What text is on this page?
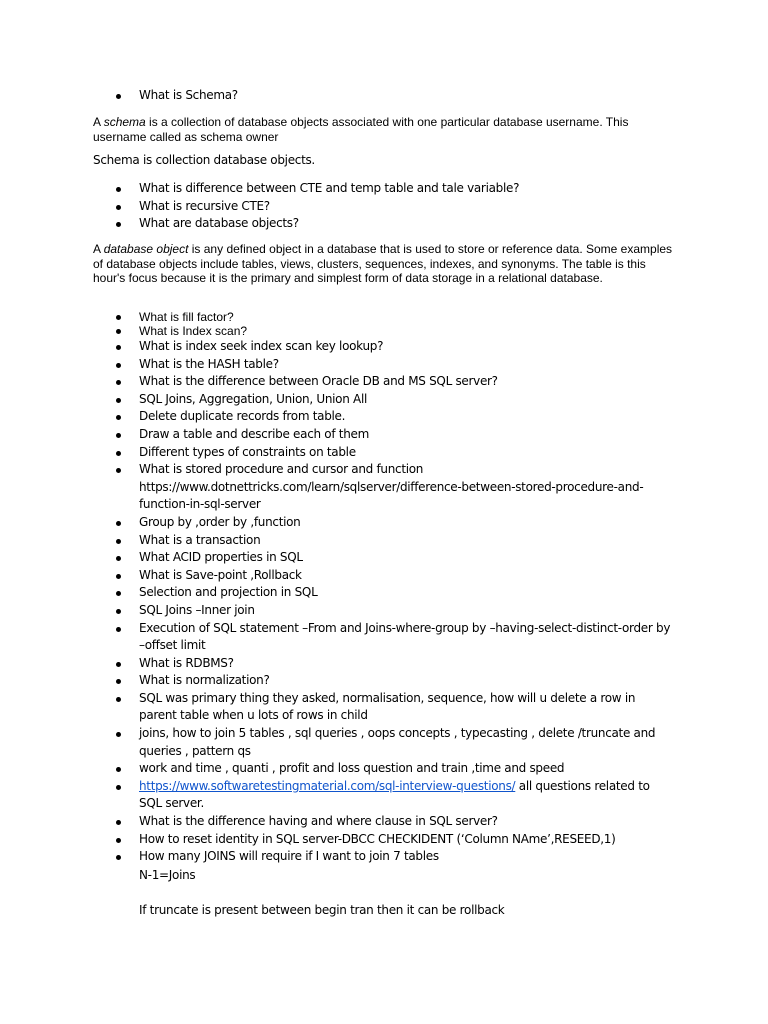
What is Schema?

A schema is a collection of database objects associated with one particular database username. This username called as schema owner

Schema is collection database objects.

What is difference between CTE and temp table and tale variable?
What is recursive CTE?
What are database objects?

A database object is any defined object in a database that is used to store or reference data. Some examples of database objects include tables, views, clusters, sequences, indexes, and synonyms. The table is this hour's focus because it is the primary and simplest form of data storage in a relational database.

What is fill factor?
What is Index scan?
What is index seek index scan key lookup?
What is the HASH table?
What is the difference between Oracle DB and MS SQL server?
SQL Joins, Aggregation, Union, Union All
Delete duplicate records from table.
Draw a table and describe each of them
Different types of constraints on table
What is stored procedure and cursor and function https://www.dotnettricks.com/learn/sqlserver/difference-between-stored-procedure-and-function-in-sql-server
Group by ,order by ,function
What is a transaction
What ACID properties in SQL
What is Save-point ,Rollback
Selection and projection in SQL
SQL Joins –Inner join
Execution of SQL statement –From and Joins-where-group by –having-select-distinct-order by –offset limit
What is RDBMS?
What is normalization?
SQL was primary thing they asked, normalisation, sequence, how will u delete a row in parent table when u lots of rows in child
joins, how to join 5 tables , sql queries , oops concepts , typecasting , delete /truncate and queries , pattern qs
work and time , quanti , profit and loss question and train ,time and speed
https://www.softwaretestingmaterial.com/sql-interview-questions/ all questions related to SQL server.
What is the difference having and where clause in SQL server?
How to reset identity in SQL server-DBCC CHECKIDENT (‘Column NAme’,RESEED,1)
How many JOINS will require if I want to join 7 tables
N-1=Joins
If truncate is present between begin tran then it can be rollback
